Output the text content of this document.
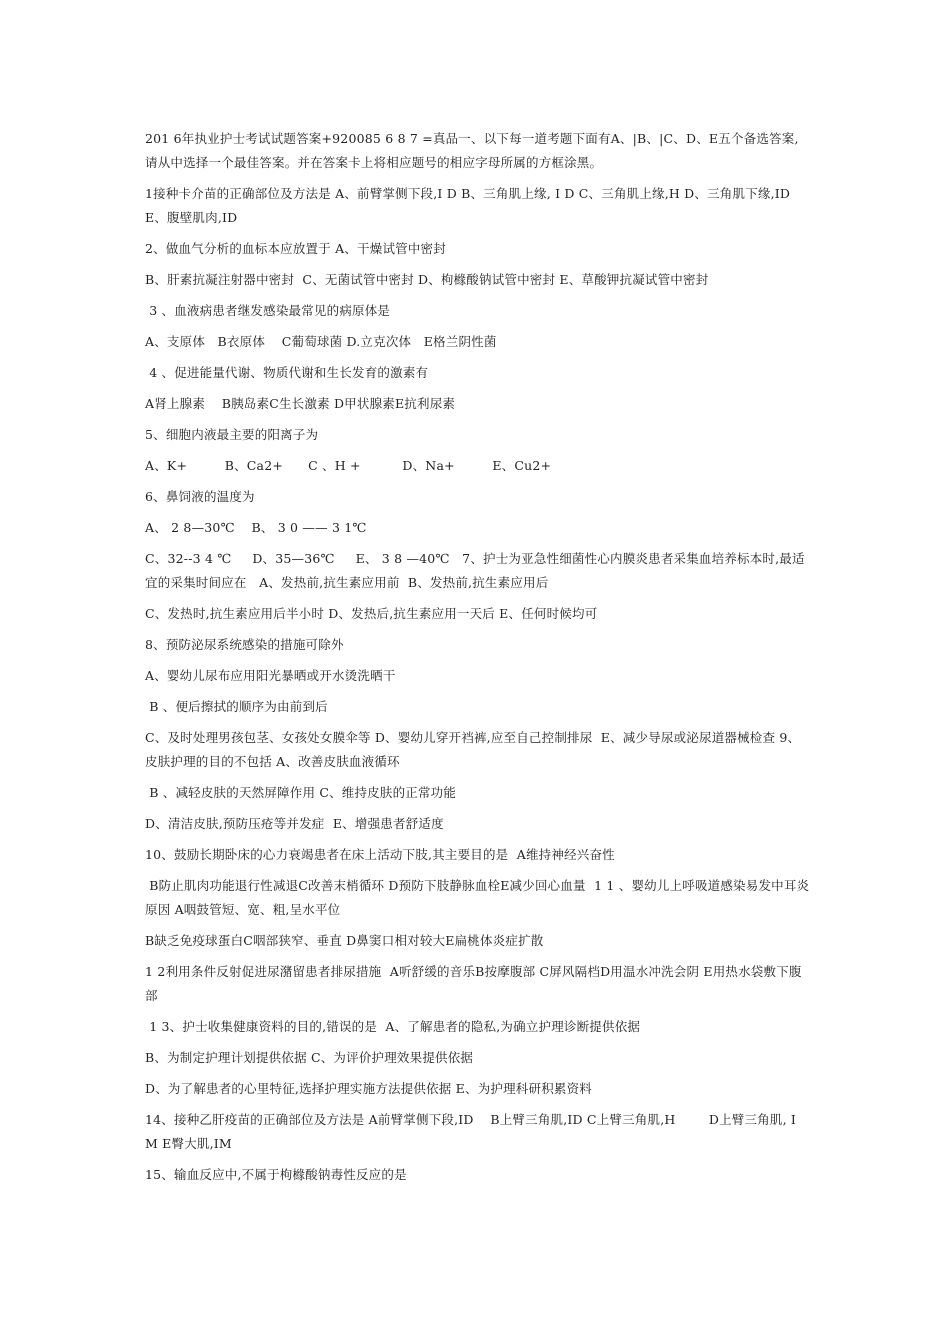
201 6年执业护士考试试题答案+920085 6 8 7 =真品一、以下每一道考题下面有A、|B、|C、D、E五个备选答案,请从中选择一个最佳答案。并在答案卡上将相应题号的相应字母所属的方框涂黑。

1接种卡介苗的正确部位及方法是 A、前臂掌侧下段,I D B、三角肌上缘, I D C、三角肌上缘,H D、三角肌下缘,ID E、腹壁肌肉,ID

2、做血气分析的血标本应放置于 A、干燥试管中密封

B、肝素抗凝注射器中密封  C、无菌试管中密封 D、枸橼酸钠试管中密封 E、草酸钾抗凝试管中密封

3 、血液病患者继发感染最常见的病原体是

A、支原体   B衣原体    C葡萄球菌 D.立克次体   E格兰阴性菌

4 、促进能量代谢、物质代谢和生长发育的激素有

A肾上腺素    B胰岛素C生长激素 D甲状腺素E抗利尿素

5、细胞内液最主要的阳离子为

A、K+         B、Ca2+      C 、H +          D、Na+         E、Cu2+

6、鼻饲液的温度为

A、 2 8—30℃    B、 3 0 —— 3 1℃

C、32--3 4 ℃     D、35—36℃     E、 3 8 —40℃   7、护士为亚急性细菌性心内膜炎患者采集血培养标本时,最适宜的采集时间应在   A、发热前,抗生素应用前  B、发热前,抗生素应用后

C、发热时,抗生素应用后半小时 D、发热后,抗生素应用一天后 E、任何时候均可

8、预防泌尿系统感染的措施可除外

A、婴幼儿尿布应用阳光暴晒或开水烫洗晒干

B 、便后擦拭的顺序为由前到后

C、及时处理男孩包茎、女孩处女膜伞等 D、婴幼儿穿开裆裤,应至自己控制排尿  E、减少导尿或泌尿道器械检查 9、皮肤护理的目的不包括 A、改善皮肤血液循环

B 、减轻皮肤的天然屏障作用 C、维持皮肤的正常功能

D、清洁皮肤,预防压疮等并发症  E、增强患者舒适度

10、鼓励长期卧床的心力衰竭患者在床上活动下肢,其主要目的是  A维持神经兴奋性

B防止肌肉功能退行性减退C改善末梢循环 D预防下肢静脉血栓E减少回心血量  1 1 、婴幼儿上呼吸道感染易发中耳炎原因 A咽鼓管短、宽、粗,呈水平位

B缺乏免疫球蛋白C咽部狭窄、垂直 D鼻窦口相对较大E扁桃体炎症扩散

1 2利用条件反射促进尿潴留患者排尿措施  A听舒缓的音乐B按摩腹部 C屏风隔档D用温水冲洗会阴 E用热水袋敷下腹部

1 3、护士收集健康资料的目的,错误的是  A、了解患者的隐私,为确立护理诊断提供依据

B、为制定护理计划提供依据 C、为评价护理效果提供依据

D、为了解患者的心里特征,选择护理实施方法提供依据 E、为护理科研积累资料

14、接种乙肝疫苗的正确部位及方法是 A前臂掌侧下段,ID    B上臂三角肌,ID C上臂三角肌,H        D上臂三角肌, I M E臀大肌,IM

15、输血反应中,不属于枸橼酸钠毒性反应的是
